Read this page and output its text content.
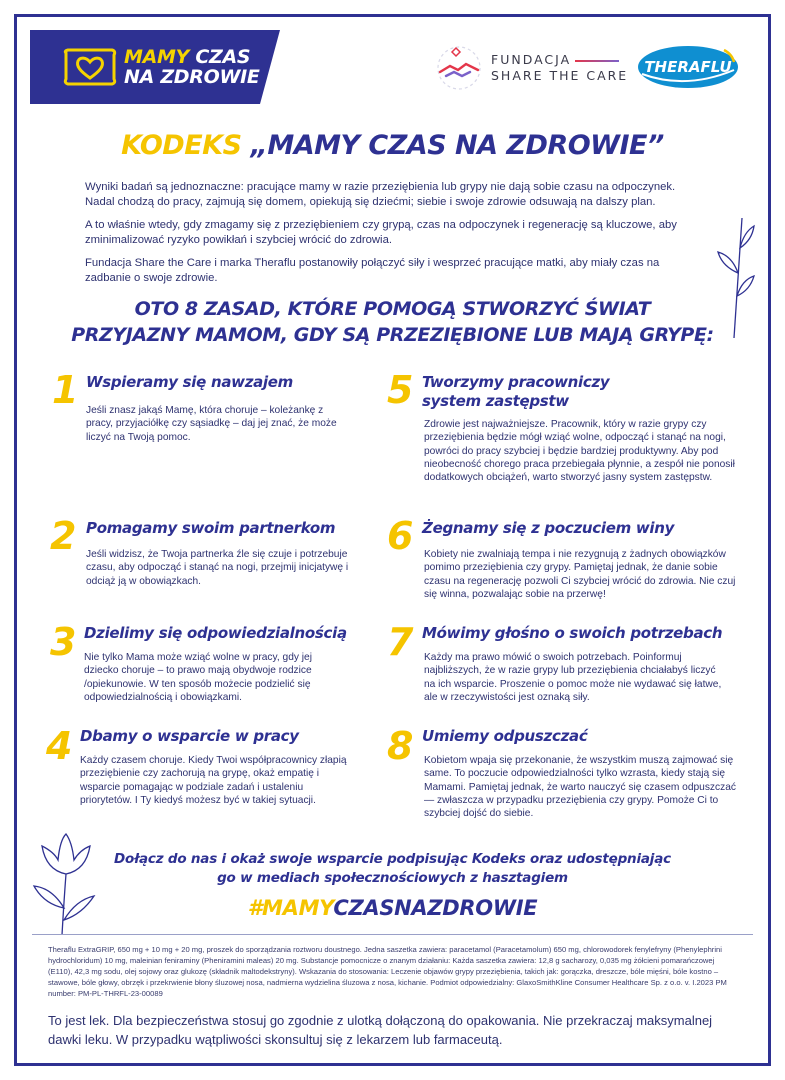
MAMY CZAS
NA ZDROWIE
FUNDACJA
SHARE THE CARE THERAFLU
KODEKS „MAMY CZAS NA ZDROWIE”

Wyniki badań są jednoznaczne: pracujące mamy w razie przeziębienia lub grypy nie dają sobie czasu na odpoczynek. Nadal chodzą do pracy, zajmują się domem, opiekują się dziećmi; siebie i swoje zdrowie odsuwają na dalszy plan.

A to właśnie wtedy, gdy zmagamy się z przeziębieniem czy grypą, czas na odpoczynek i regenerację są kluczowe, aby zminimalizować ryzyko powikłań i szybciej wrócić do zdrowia.

Fundacja Share the Care i marka Theraflu postanowiły połączyć siły i wesprzeć pracujące matki, aby miały czas na zadbanie o swoje zdrowie.

OTO 8 ZASAD, KTÓRE POMOGĄ STWORZYĆ ŚWIAT
PRZYJAZNY MAMOM, GDY SĄ PRZEZIĘBIONE LUB MAJĄ GRYPĘ:
1 Wspieramy się nawzajem
Jeśli znasz jakąś Mamę, która choruje – koleżankę z pracy, przyjaciółkę czy sąsiadkę – daj jej znać, że może liczyć na Twoją pomoc.
2 Pomagamy swoim partnerkom
Jeśli widzisz, że Twoja partnerka źle się czuje i potrzebuje czasu, aby odpocząć i stanąć na nogi, przejmij inicjatywę i odciąż ją w obowiązkach.
3 Dzielimy się odpowiedzialnością
Nie tylko Mama może wziąć wolne w pracy, gdy jej dziecko choruje – to prawo mają obydwoje rodzice /opiekunowie. W ten sposób możecie podzielić się odpowiedzialnością i obowiązkami.
4 Dbamy o wsparcie w pracy
Każdy czasem choruje. Kiedy Twoi współpracownicy złapią przeziębienie czy zachorują na grypę, okaż empatię i wsparcie pomagając w podziale zadań i ustaleniu priorytetów. I Ty kiedyś możesz być w takiej sytuacji.
5 Tworzymy pracowniczy system zastępstw
Zdrowie jest najważniejsze. Pracownik, który w razie grypy czy przeziębienia będzie mógł wziąć wolne, odpocząć i stanąć na nogi, powróci do pracy szybciej i będzie bardziej produktywny. Aby pod nieobecność chorego praca przebiegała płynnie, a zespół nie ponosił dodatkowych obciążeń, warto stworzyć jasny system zastępstw.
6 Żegnamy się z poczuciem winy
Kobiety nie zwalniają tempa i nie rezygnują z żadnych obowiązków pomimo przeziębienia czy grypy. Pamiętaj jednak, że danie sobie czasu na regenerację pozwoli Ci szybciej wrócić do zdrowia. Nie czuj się winna, pozwalając sobie na przerwę!
7 Mówimy głośno o swoich potrzebach
Każdy ma prawo mówić o swoich potrzebach. Poinformuj najbliższych, że w razie grypy lub przeziębienia chciałabyś liczyć na ich wsparcie. Proszenie o pomoc może nie wydawać się łatwe, ale w rzeczywistości jest oznaką siły.
8 Umiemy odpuszczać
Kobietom wpaja się przekonanie, że wszystkim muszą zajmować się same. To poczucie odpowiedzialności tylko wzrasta, kiedy stają się Mamami. Pamiętaj jednak, że warto nauczyć się czasem odpuszczać — zwłaszcza w przypadku przeziębienia czy grypy. Pomoże Ci to szybciej dojść do siebie.
Dołącz do nas i okaż swoje wsparcie podpisując Kodeks oraz udostępniając
go w mediach społecznościowych z hasztagiem
#MAMYCZASNAZDROWIE
Theraflu ExtraGRIP, 650 mg + 10 mg + 20 mg, proszek do sporządzania roztworu doustnego. Jedna saszetka zawiera: paracetamol (Paracetamolum) 650 mg, chlorowodorek fenylefryny (Phenylephrini hydrochloridum) 10 mg, maleinian feniraminy (Pheniramini maleas) 20 mg. Substancje pomocnicze o znanym działaniu: Każda saszetka zawiera: 12,8 g sacharozy, 0,035 mg żółcieni pomarańczowej (E110), 42,3 mg sodu, olej sojowy oraz glukozę (składnik maltodekstryny). Wskazania do stosowania: Leczenie objawów grypy przeziębienia, takich jak: gorączka, dreszcze, bóle mięśni, bóle kostno – stawowe, bóle głowy, obrzęk i przekrwienie błony śluzowej nosa, nadmierna wydzielina śluzowa z nosa, kichanie. Podmiot odpowiedzialny: GlaxoSmithKline Consumer Healthcare Sp. z o.o. v. I.2023 PM number: PM-PL-THRFL-23-00089
To jest lek. Dla bezpieczeństwa stosuj go zgodnie z ulotką dołączoną do opakowania. Nie przekraczaj maksymalnej dawki leku. W przypadku wątpliwości skonsultuj się z lekarzem lub farmaceutą.
